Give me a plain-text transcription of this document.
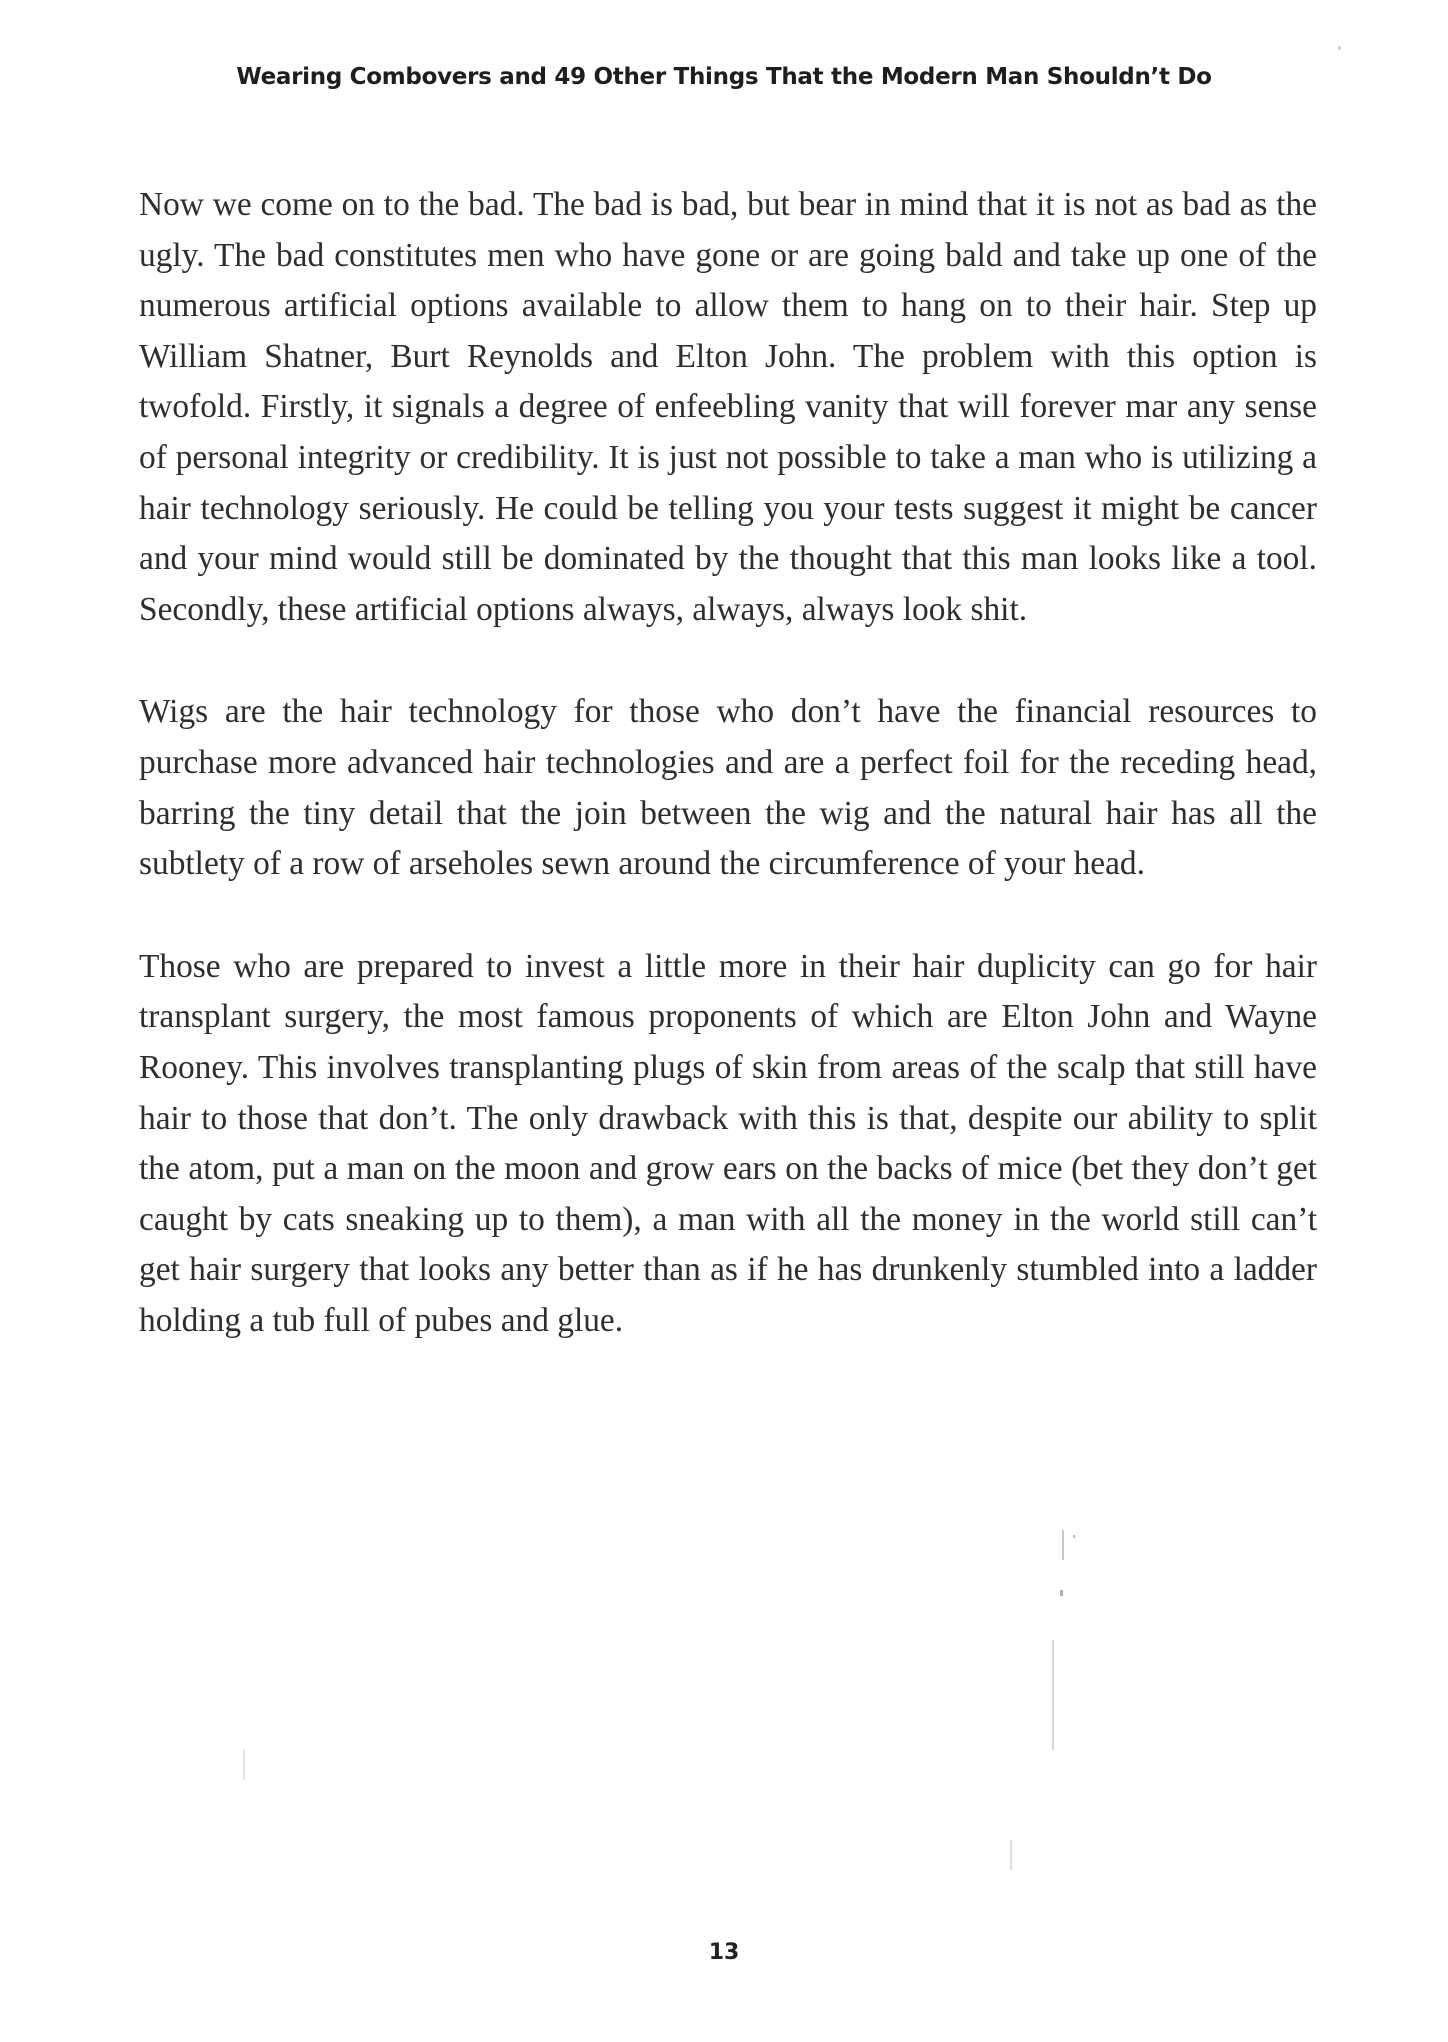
Wearing Combovers and 49 Other Things That the Modern Man Shouldn’t Do

Now we come on to the bad. The bad is bad, but bear in mind that it is not as bad as the ugly. The bad constitutes men who have gone or are going bald and take up one of the numerous artificial options available to allow them to hang on to their hair. Step up William Shatner, Burt Reynolds and Elton John. The problem with this option is twofold. Firstly, it signals a degree of enfeebling vanity that will forever mar any sense of personal integrity or credibility. It is just not possible to take a man who is utilizing a hair technology seriously. He could be telling you your tests suggest it might be cancer and your mind would still be dominated by the thought that this man looks like a tool. Secondly, these artificial options always, always, always look shit.

Wigs are the hair technology for those who don’t have the financial resources to purchase more advanced hair technologies and are a perfect foil for the receding head, barring the tiny detail that the join between the wig and the natural hair has all the subtlety of a row of arseholes sewn around the circumference of your head.

Those who are prepared to invest a little more in their hair duplicity can go for hair transplant surgery, the most famous proponents of which are Elton John and Wayne Rooney. This involves transplanting plugs of skin from areas of the scalp that still have hair to those that don’t. The only drawback with this is that, despite our ability to split the atom, put a man on the moon and grow ears on the backs of mice (bet they don’t get caught by cats sneaking up to them), a man with all the money in the world still can’t get hair surgery that looks any better than as if he has drunkenly stumbled into a ladder holding a tub full of pubes and glue.

13
